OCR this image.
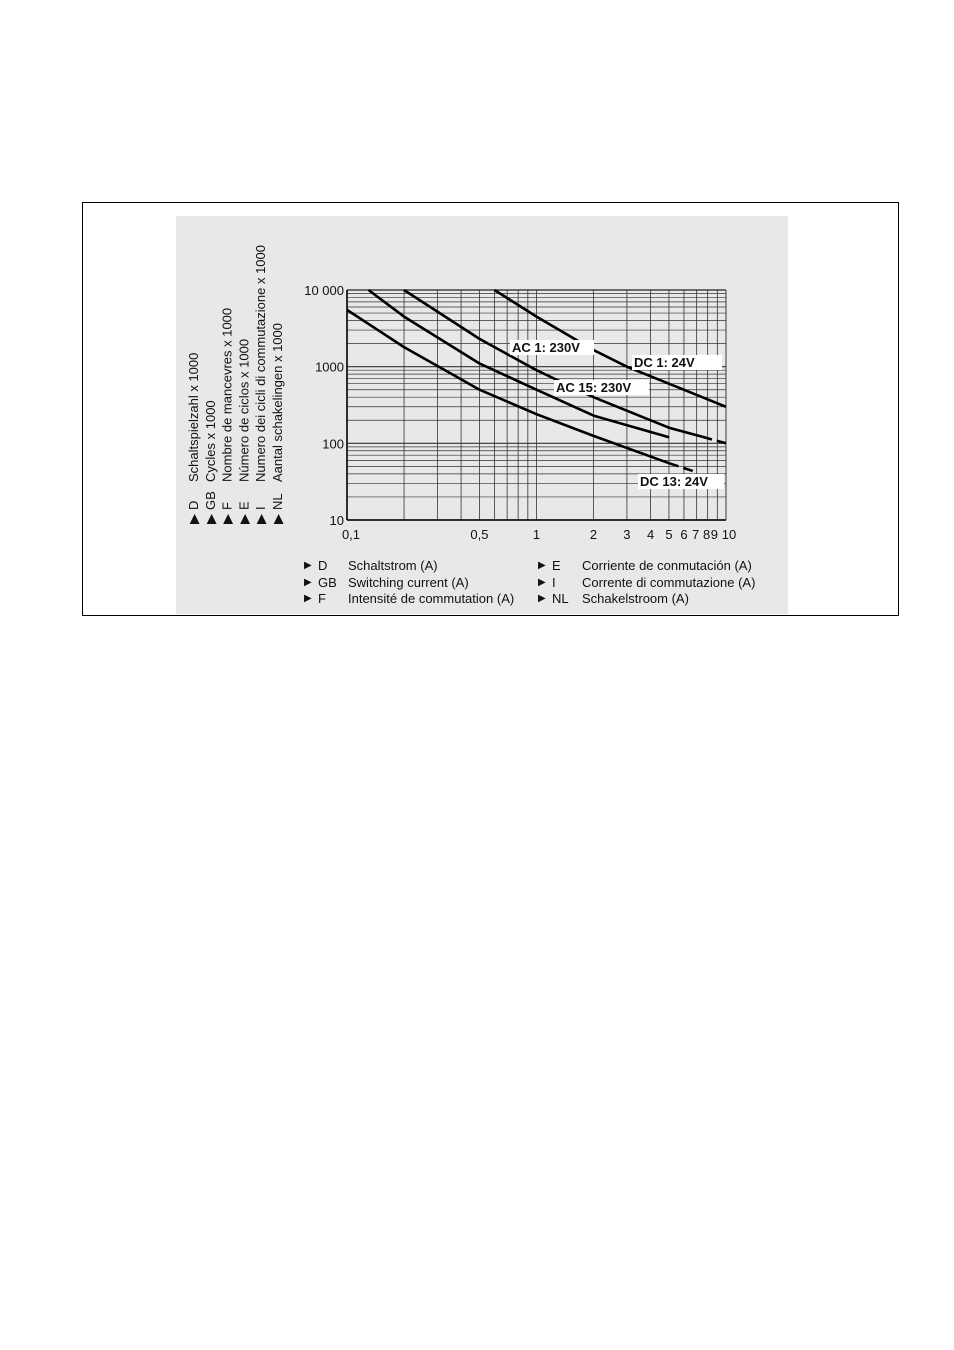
0,1	0,5	1	2 3 4 5 6 7 8 9 10
10
100
1000
10 000
AC 1: 230V
DC 1: 24V
AC 15: 230V
DC 13: 24V
▶
D
Schaltspielzahl x 1000
▶
GB
Cycles x 1000
▶
F
Nombre de mancevres x 1000
▶
E
Número de ciclos x 1000
▶
I
Numero dei cicli di commutazione x 1000
▶
NL
Aantal schakelingen x 1000
▶ D	Schaltstrom (A)
▶ GB Switching current (A)
▶ F	Intensité de commutation (A)
▶ E	Corriente de conmutación (A)
▶ I	Corrente di commutazione (A)
▶ NL	Schakelstroom (A)
